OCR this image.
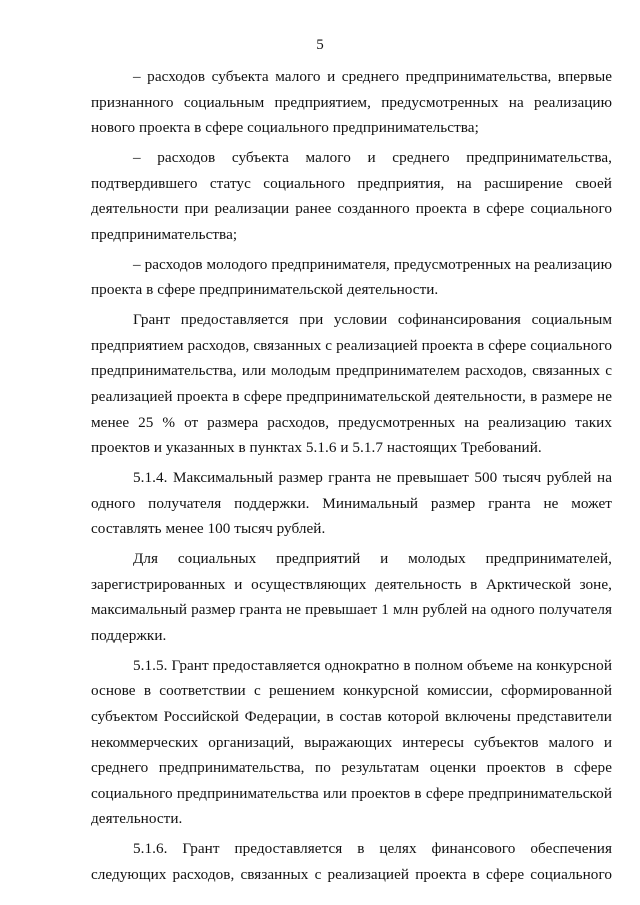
5

– расходов субъекта малого и среднего предпринимательства, впервые признанного социальным предприятием, предусмотренных на реализацию нового проекта в сфере социального предпринимательства;

– расходов субъекта малого и среднего предпринимательства, подтвердившего статус социального предприятия, на расширение своей деятельности при реализации ранее созданного проекта в сфере социального предпринимательства;

– расходов молодого предпринимателя, предусмотренных на реализацию проекта в сфере предпринимательской деятельности.

Грант предоставляется при условии софинансирования социальным предприятием расходов, связанных с реализацией проекта в сфере социального предпринимательства, или молодым предпринимателем расходов, связанных с реализацией проекта в сфере предпринимательской деятельности, в размере не менее 25 % от размера расходов, предусмотренных на реализацию таких проектов и указанных в пунктах 5.1.6 и 5.1.7 настоящих Требований.

5.1.4. Максимальный размер гранта не превышает 500 тысяч рублей на одного получателя поддержки. Минимальный размер гранта не может составлять менее 100 тысяч рублей.

Для социальных предприятий и молодых предпринимателей, зарегистрированных и осуществляющих деятельность в Арктической зоне, максимальный размер гранта не превышает 1 млн рублей на одного получателя поддержки.

5.1.5. Грант предоставляется однократно в полном объеме на конкурсной основе в соответствии с решением конкурсной комиссии, сформированной субъектом Российской Федерации, в состав которой включены представители некоммерческих организаций, выражающих интересы субъектов малого и среднего предпринимательства, по результатам оценки проектов в сфере социального предпринимательства или проектов в сфере предпринимательской деятельности.

5.1.6. Грант предоставляется в целях финансового обеспечения следующих расходов, связанных с реализацией проекта в сфере социального
